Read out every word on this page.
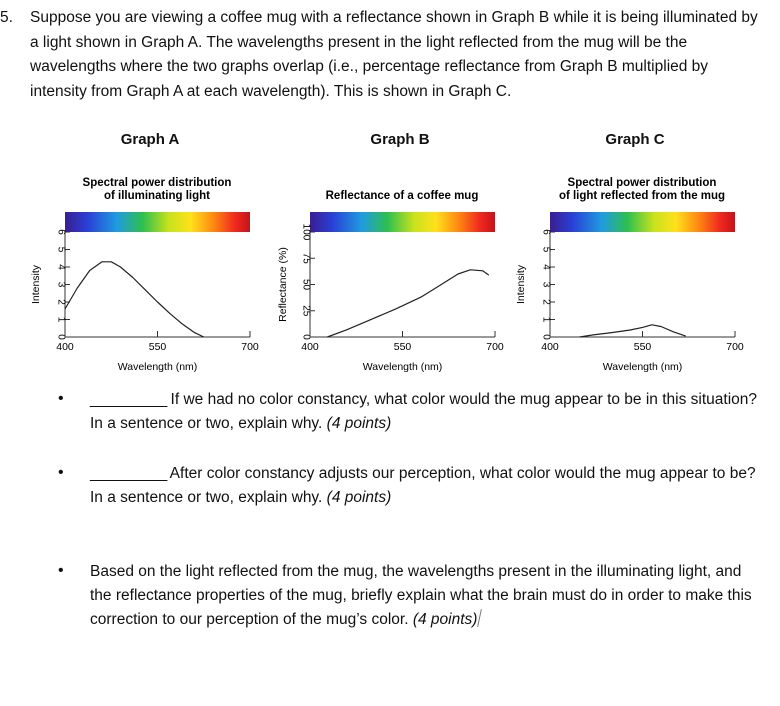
5. Suppose you are viewing a coffee mug with a reflectance shown in Graph B while it is being illuminated by a light shown in Graph A. The wavelengths present in the light reflected from the mug will be the wavelengths where the two graphs overlap (i.e., percentage reflectance from Graph B multiplied by intensity from Graph A at each wavelength). This is shown in Graph C.
Graph A	Graph B	Graph C
Spectral power distribution
of illuminating light
0
1
2
3
4
5
6
400	550	700
Wavelength (nm)
Intensity
Reflectance of a coffee mug
0
25
50
75
100
400	550	700
Wavelength (nm)
Reflectance (%)
Spectral power distribution
of light reflected from the mug
0
1
2
3
4
5
6
400	550	700
Wavelength (nm)
Intensity
• __________ If we had no color constancy, what color would the mug appear to be in this situation? In a sentence or two, explain why. (4 points)
• __________ After color constancy adjusts our perception, what color would the mug appear to be? In a sentence or two, explain why. (4 points)
• Based on the light reflected from the mug, the wavelengths present in the illuminating light, and the reflectance properties of the mug, briefly explain what the brain must do in order to make this correction to our perception of the mug’s color. (4 points)
